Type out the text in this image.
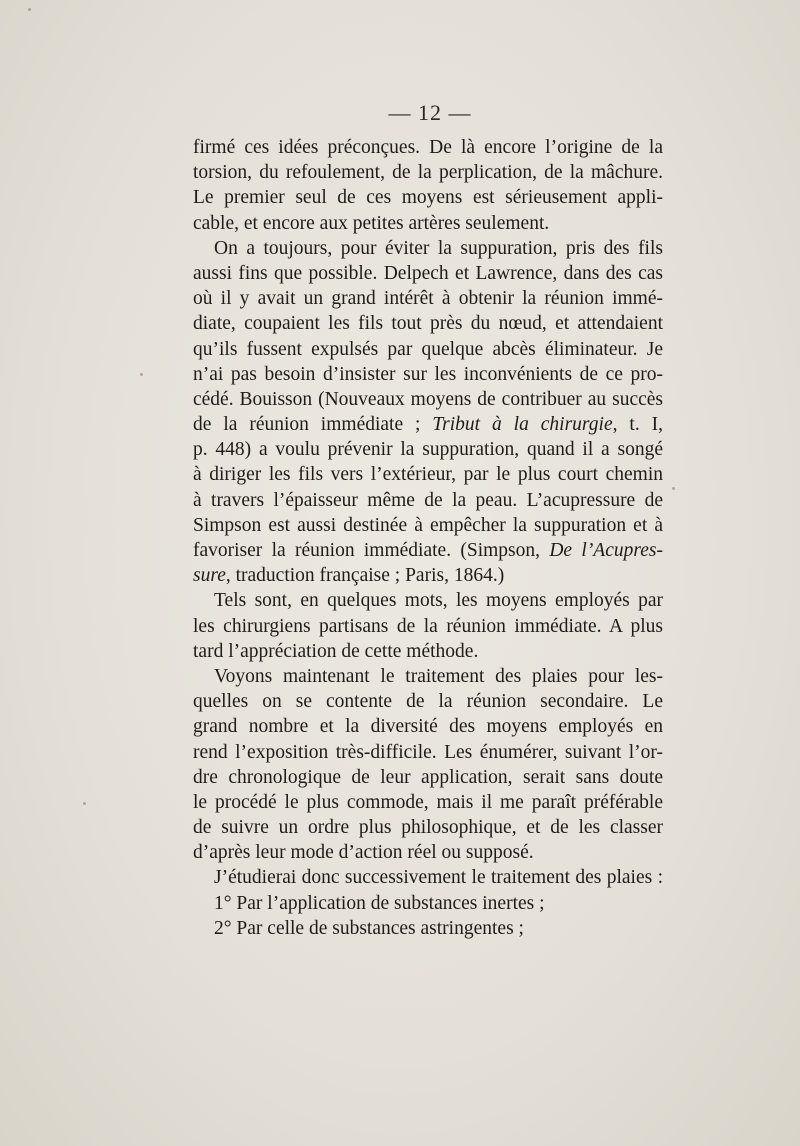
— 12 —
firmé ces idées préconçues. De là encore l’origine de la
torsion, du refoulement, de la perplication, de la mâchure.
Le premier seul de ces moyens est sérieusement appli-
cable, et encore aux petites artères seulement.
On a toujours, pour éviter la suppuration, pris des fils
aussi fins que possible. Delpech et Lawrence, dans des cas
où il y avait un grand intérêt à obtenir la réunion immé-
diate, coupaient les fils tout près du nœud, et attendaient
qu’ils fussent expulsés par quelque abcès éliminateur. Je
n’ai pas besoin d’insister sur les inconvénients de ce pro-
cédé. Bouisson (Nouveaux moyens de contribuer au succès
de la réunion immédiate ; Tribut à la chirurgie, t. I,
p. 448) a voulu prévenir la suppuration, quand il a songé
à diriger les fils vers l’extérieur, par le plus court chemin
à travers l’épaisseur même de la peau. L’acupressure de
Simpson est aussi destinée à empêcher la suppuration et à
favoriser la réunion immédiate. (Simpson, De l’Acupres-
sure, traduction française ; Paris, 1864.)
Tels sont, en quelques mots, les moyens employés par
les chirurgiens partisans de la réunion immédiate. A plus
tard l’appréciation de cette méthode.
Voyons maintenant le traitement des plaies pour les-
quelles on se contente de la réunion secondaire. Le
grand nombre et la diversité des moyens employés en
rend l’exposition très-difficile. Les énumérer, suivant l’or-
dre chronologique de leur application, serait sans doute
le procédé le plus commode, mais il me paraît préférable
de suivre un ordre plus philosophique, et de les classer
d’après leur mode d’action réel ou supposé.
J’étudierai donc successivement le traitement des plaies :
1° Par l’application de substances inertes ;
2° Par celle de substances astringentes ;
